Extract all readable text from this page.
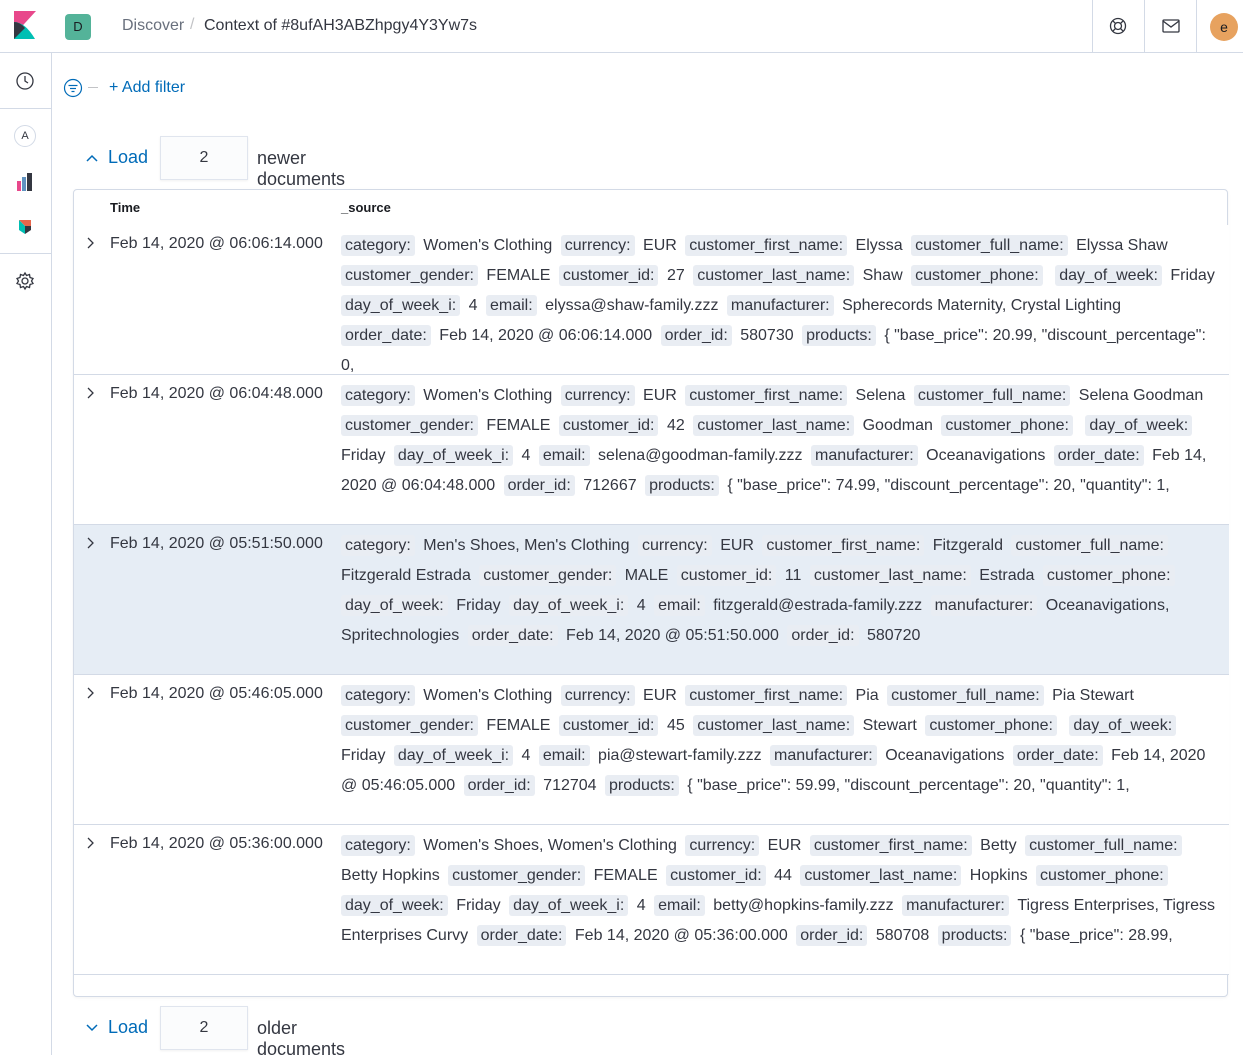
D	Discover / Context of #8ufAH3ABZhpgy4Y3Yw7s	e
A
+ Add filter
Load
2	newer documents
Time	_source
Feb 14, 2020 @ 06:06:14.000 category: Women's Clothing currency: EUR customer_first_name: Elyssa customer_full_name: Elyssa Shaw customer_gender: FEMALE customer_id: 27 customer_last_name: Shaw customer_phone: day_of_week: Friday day_of_week_i: 4 email: elyssa@shaw-family.zzz manufacturer: Spherecords Maternity, Crystal Lighting order_date: Feb 14, 2020 @ 06:06:14.000 order_id: 580730 products: { "base_price": 20.99, "discount_percentage": 0,
Feb 14, 2020 @ 06:04:48.000 category: Women's Clothing currency: EUR customer_first_name: Selena customer_full_name: Selena Goodman customer_gender: FEMALE customer_id: 42 customer_last_name: Goodman customer_phone: day_of_week: Friday day_of_week_i: 4 email: selena@goodman-family.zzz manufacturer: Oceanavigations order_date: Feb 14, 2020 @ 06:04:48.000 order_id: 712667 products: { "base_price": 74.99, "discount_percentage": 20, "quantity": 1,
Feb 14, 2020 @ 05:51:50.000 category: Men's Shoes, Men's Clothing currency: EUR customer_first_name: Fitzgerald customer_full_name: Fitzgerald Estrada customer_gender: MALE customer_id: 11 customer_last_name: Estrada customer_phone: day_of_week: Friday day_of_week_i: 4 email: fitzgerald@estrada-family.zzz manufacturer: Oceanavigations, Spritechnologies order_date: Feb 14, 2020 @ 05:51:50.000 order_id: 580720
Feb 14, 2020 @ 05:46:05.000 category: Women's Clothing currency: EUR customer_first_name: Pia customer_full_name: Pia Stewart customer_gender: FEMALE customer_id: 45 customer_last_name: Stewart customer_phone: day_of_week: Friday day_of_week_i: 4 email: pia@stewart-family.zzz manufacturer: Oceanavigations order_date: Feb 14, 2020 @ 05:46:05.000 order_id: 712704 products: { "base_price": 59.99, "discount_percentage": 20, "quantity": 1,
Feb 14, 2020 @ 05:36:00.000 category: Women's Shoes, Women's Clothing currency: EUR customer_first_name: Betty customer_full_name: Betty Hopkins customer_gender: FEMALE customer_id: 44 customer_last_name: Hopkins customer_phone: day_of_week: Friday day_of_week_i: 4 email: betty@hopkins-family.zzz manufacturer: Tigress Enterprises, Tigress Enterprises Curvy order_date: Feb 14, 2020 @ 05:36:00.000 order_id: 580708 products: { "base_price": 28.99,
Load
2	older documents
